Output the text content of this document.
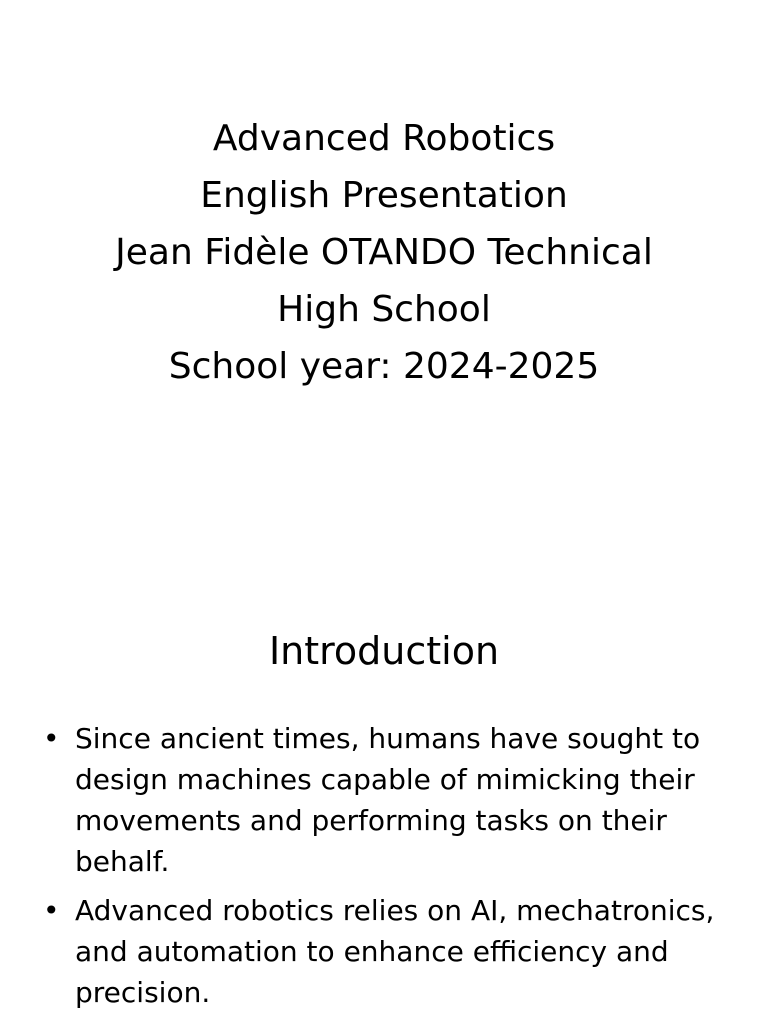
Advanced Robotics
English Presentation
Jean Fidèle OTANDO Technical
High School
School year: 2024-2025
Introduction
• Since ancient times, humans have sought to design machines capable of mimicking their movements and performing tasks on their behalf.
• Advanced robotics relies on AI, mechatronics, and automation to enhance efficiency and precision.
